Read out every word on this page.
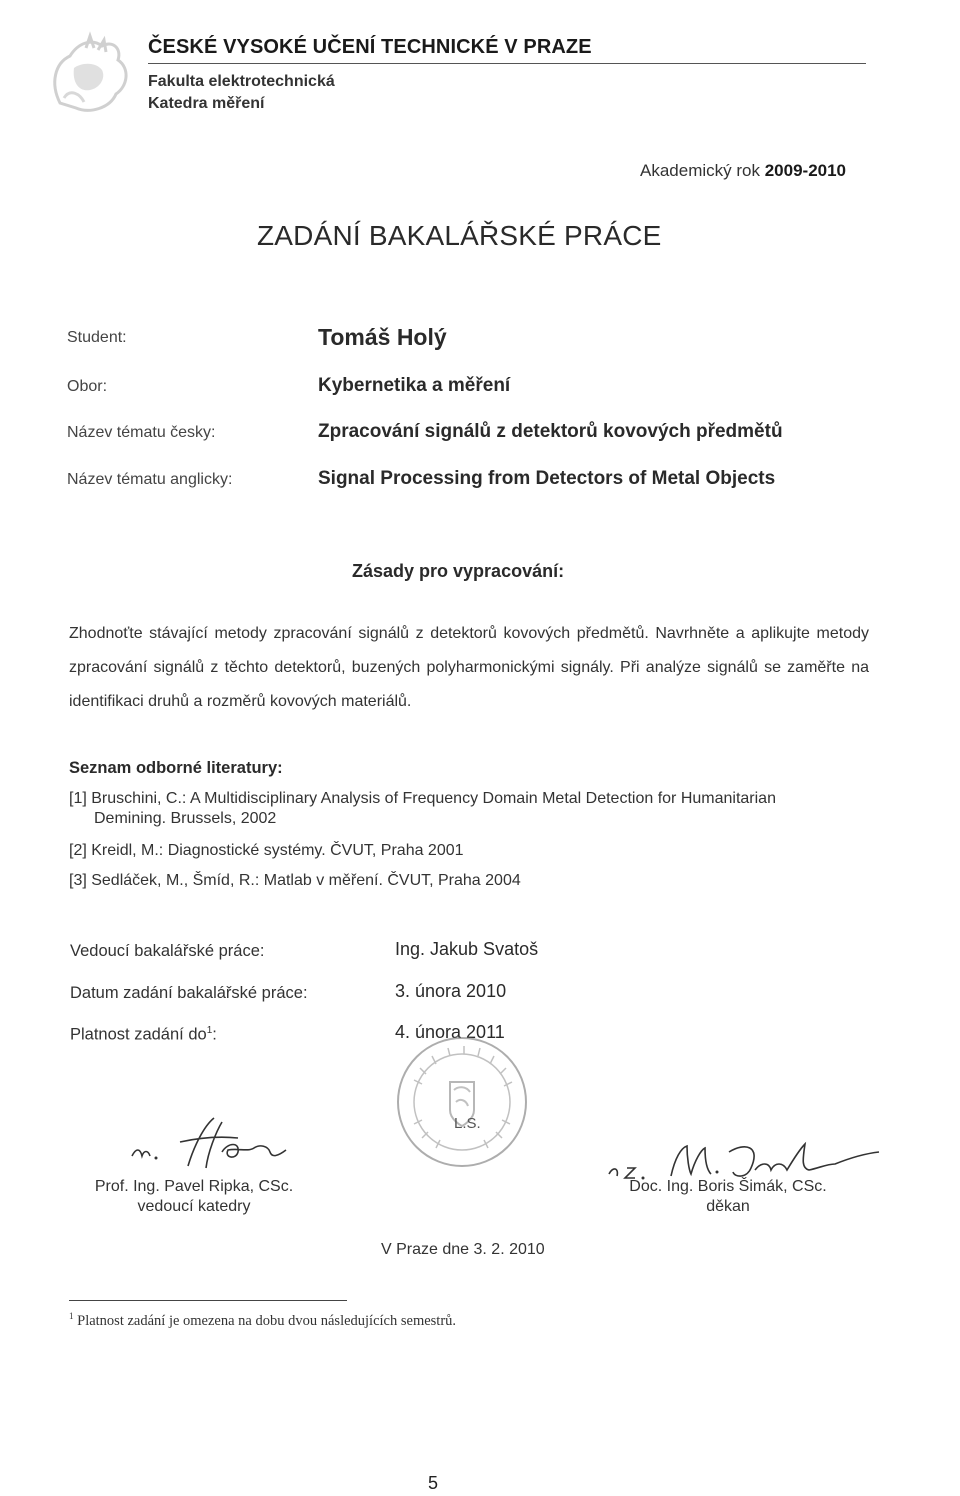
ČESKÉ VYSOKÉ UČENÍ TECHNICKÉ V PRAZE
Fakulta elektrotechnická
Katedra měření
Akademický rok 2009-2010
ZADÁNÍ BAKALÁŘSKÉ PRÁCE
Student:	Tomáš Holý
Obor:	Kybernetika a měření
Název tématu česky:	Zpracování signálů z detektorů kovových předmětů
Název tématu anglicky:	Signal Processing from Detectors of Metal Objects
Zásady pro vypracování:
Zhodnoťte stávající metody zpracování signálů z detektorů kovových předmětů. Navrhněte a aplikujte metody zpracování signálů z těchto detektorů, buzených polyharmonickými signály. Při analýze signálů se zaměřte na identifikaci druhů a rozměrů kovových materiálů.
Seznam odborné literatury:
[1] Bruschini, C.: A Multidisciplinary Analysis of Frequency Domain Metal Detection for Humanitarian
Demining. Brussels, 2002
[2] Kreidl, M.: Diagnostické systémy. ČVUT, Praha 2001
[3] Sedláček, M., Šmíd, R.: Matlab v měření. ČVUT, Praha 2004
Vedoucí bakalářské práce:	Ing. Jakub Svatoš
Datum zadání bakalářské práce:	3. února 2010
Platnost zadání $do^1$:	4. února 2011
L.S.
Prof. Ing. Pavel Ripka, CSc.
vedoucí katedry
Doc. Ing. Boris Šimák, CSc.
děkan
V Praze dne 3. 2. 2010
$^1$ Platnost zadání je omezena na dobu dvou následujících semestrů.
5
